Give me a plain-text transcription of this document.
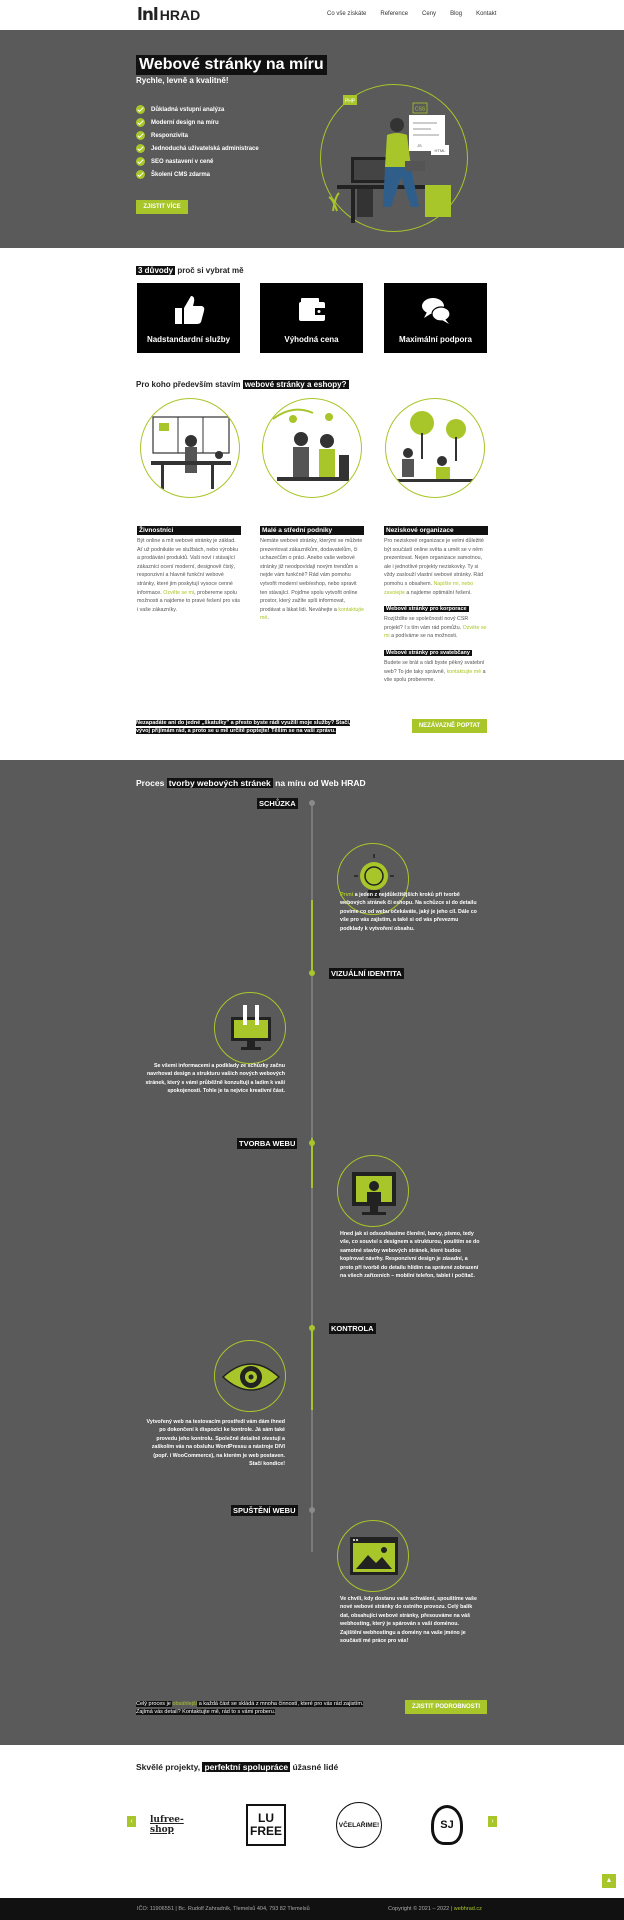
lnl HRAD	Co vše získáte Reference Ceny Blog Kontakt
Webové stránky na míru
Rychle, levně a kvalitně!
Důkladná vstupní analýza
Moderní design na míru
Responzivita
Jednoduchá uživatelská administrace
SEO nastavení v ceně
Školení CMS zdarma
ZJISTIT VÍCE
PHP
CSS
JS
HTML
3 důvody proč si vybrat mě
Nadstandardní služby	Výhodná cena	Maximální podpora
Pro koho především stavím webové stránky a eshopy?
Živnostníci

Být online a mít webové stránky je základ. Ať už podnikáte ve službách, nebo výrobku a prodávání produktů. Vaši noví i stávající zákazníci ocení moderní, designově čistý, responzivní a hlavně funkční webové stránky, které jim poskytují vysoce cenné informace. Ozvěte se mi, probereme spolu možnosti a najdeme to pravé řešení pro vás i vaše zákazníky.

Malé a střední podniky

Nemáte webové stránky, kterými se můžete prezentovat zákazníkům, dodavatelům, či uchazečům o práci. Anebo vaše webové stránky již neodpovídají novým trendům a nejde vám funkčně? Rád vám pomohu vytvořit moderní web/eshop, nebo spravit ten stávající. Pojďme spolu vytvořit online prostor, který zažíte spíš informovat, prodávat a lákat lidi. Neváhejte a kontaktujte mě.

Neziskové organizace

Pro neziskové organizace je velmi důležité být součástí online světa a umět se v něm prezentovat. Nejen organizace samotnou, ale i jednotlivé projekty neziskovky. Ty si vždy zaslouží vlastní webové stránky. Rád pomohu s obsahem. Napište mi, nebo zavolejte a najdeme optimální řešení.

Webové stránky pro korporace

Rozjíždíte se společností nový CSR projekt? I s tím vám rád pomůžu. Ozvěte se mi a podíváme se na možnosti.

Webové stránky pro svatebčany

Budete se brát a rádi byste pěkný svatební web? To jde taky správně, kontaktujte mě a vše spolu probereme.

Nezapadáte ani do jedné „škatulky" a přesto byste rádi využili moje služby? Stačí, vývoj přijímám rád, a proto se u mě určitě poptejte! Těším se na vaši zprávu.
NEZÁVAZNĚ POPTAT
Proces tvorby webových stránek na míru od Web HRAD
SCHŮZKA
První a jeden z nejdůležitějších kroků při tvorbě webových stránek či eshopu. Na schůzce si do detailu povíme co od webu očekáváte, jaký je jeho cíl. Dále co vše pro vás zajistím, a také si od vás převezmu podklady k vytvoření obsahu.
VIZUÁLNÍ IDENTITA
Se všemi informacemi a podklady ze schůzky začnu navrhovat design a strukturu vašich nových webových stránek, který s vámi průběžně konzultuji a ladím k vaší spokojenosti. Tohle je ta nejvíce kreativní část.
TVORBA WEBU
Hned jak si odsouhlasíme členění, barvy, písmo, tedy vše, co souvisí s designem a strukturou, pouštím se do samotné stavby webových stránek, které budou kopírovat návrhy. Responzivní design je zásadní, a proto při tvorbě do detailu hlídím na správné zobrazení na všech zařízeních – mobilní telefon, tablet i počítač.
KONTROLA
Vytvořený web na testovacím prostředí vám dám ihned po dokončení k dispozici ke kontrole. Já sám také provedu jeho kontrolu. Společně detailně otestuji a zaškolím vás na obsluhu WordPressu a nástroje DIVI (popř. i WooCommerce), na kterém je web postaven. Stačí kondice!
SPUŠTĚNÍ WEBU
Ve chvíli, kdy dostanu vaše schválení, spouštíme vaše nové webové stránky do ostrého provozu. Celý balík dat, obsahující webové stránky, přesouváme na váš webhosting, který je spárován s vaší doménou. Zajištění webhostingu a domény na vaše jméno je součástí mé práce pro vás!
Celý proces je obsáhlejší a každá část se skládá z mnoha činností, které pro vás rád zajistím. Zajímá vás detail? Kontaktujte mě, rád to s vámi proberu.
ZJISTIT PODROBNOSTI
Skvělé projekty, perfektní spolupráce úžasné lidé
‹	›
lufree-shop
LU FREE	VČELAŘIME!	SJ
▲
IČO: 11906551 | Bc. Rudolf Zahradník, Tlemelsů 404, 793 82 Tlemelsů	Copyright © 2021 – 2022 | webhrad.cz
